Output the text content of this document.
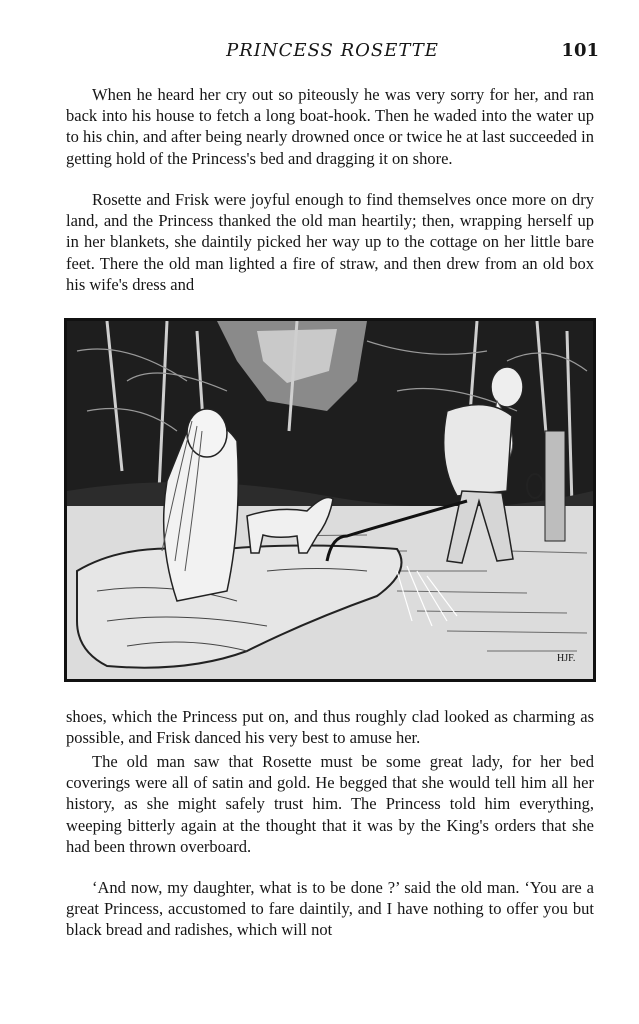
PRINCESS ROSETTE	101

When he heard her cry out so piteously he was very sorry for her, and ran back into his house to fetch a long boat-hook. Then he waded into the water up to his chin, and after being nearly drowned once or twice he at last succeeded in getting hold of the Princess's bed and dragging it on shore.

Rosette and Frisk were joyful enough to find themselves once more on dry land, and the Princess thanked the old man heartily; then, wrapping herself up in her blankets, she daintily picked her way up to the cottage on her little bare feet. There the old man lighted a fire of straw, and then drew from an old box his wife's dress and

HJF.

shoes, which the Princess put on, and thus roughly clad looked as charming as possible, and Frisk danced his very best to amuse her.

The old man saw that Rosette must be some great lady, for her bed coverings were all of satin and gold. He begged that she would tell him all her history, as she might safely trust him. The Princess told him everything, weeping bitterly again at the thought that it was by the King's orders that she had been thrown overboard.

‘And now, my daughter, what is to be done ?’ said the old man. ‘You are a great Princess, accustomed to fare daintily, and I have nothing to offer you but black bread and radishes, which will not
